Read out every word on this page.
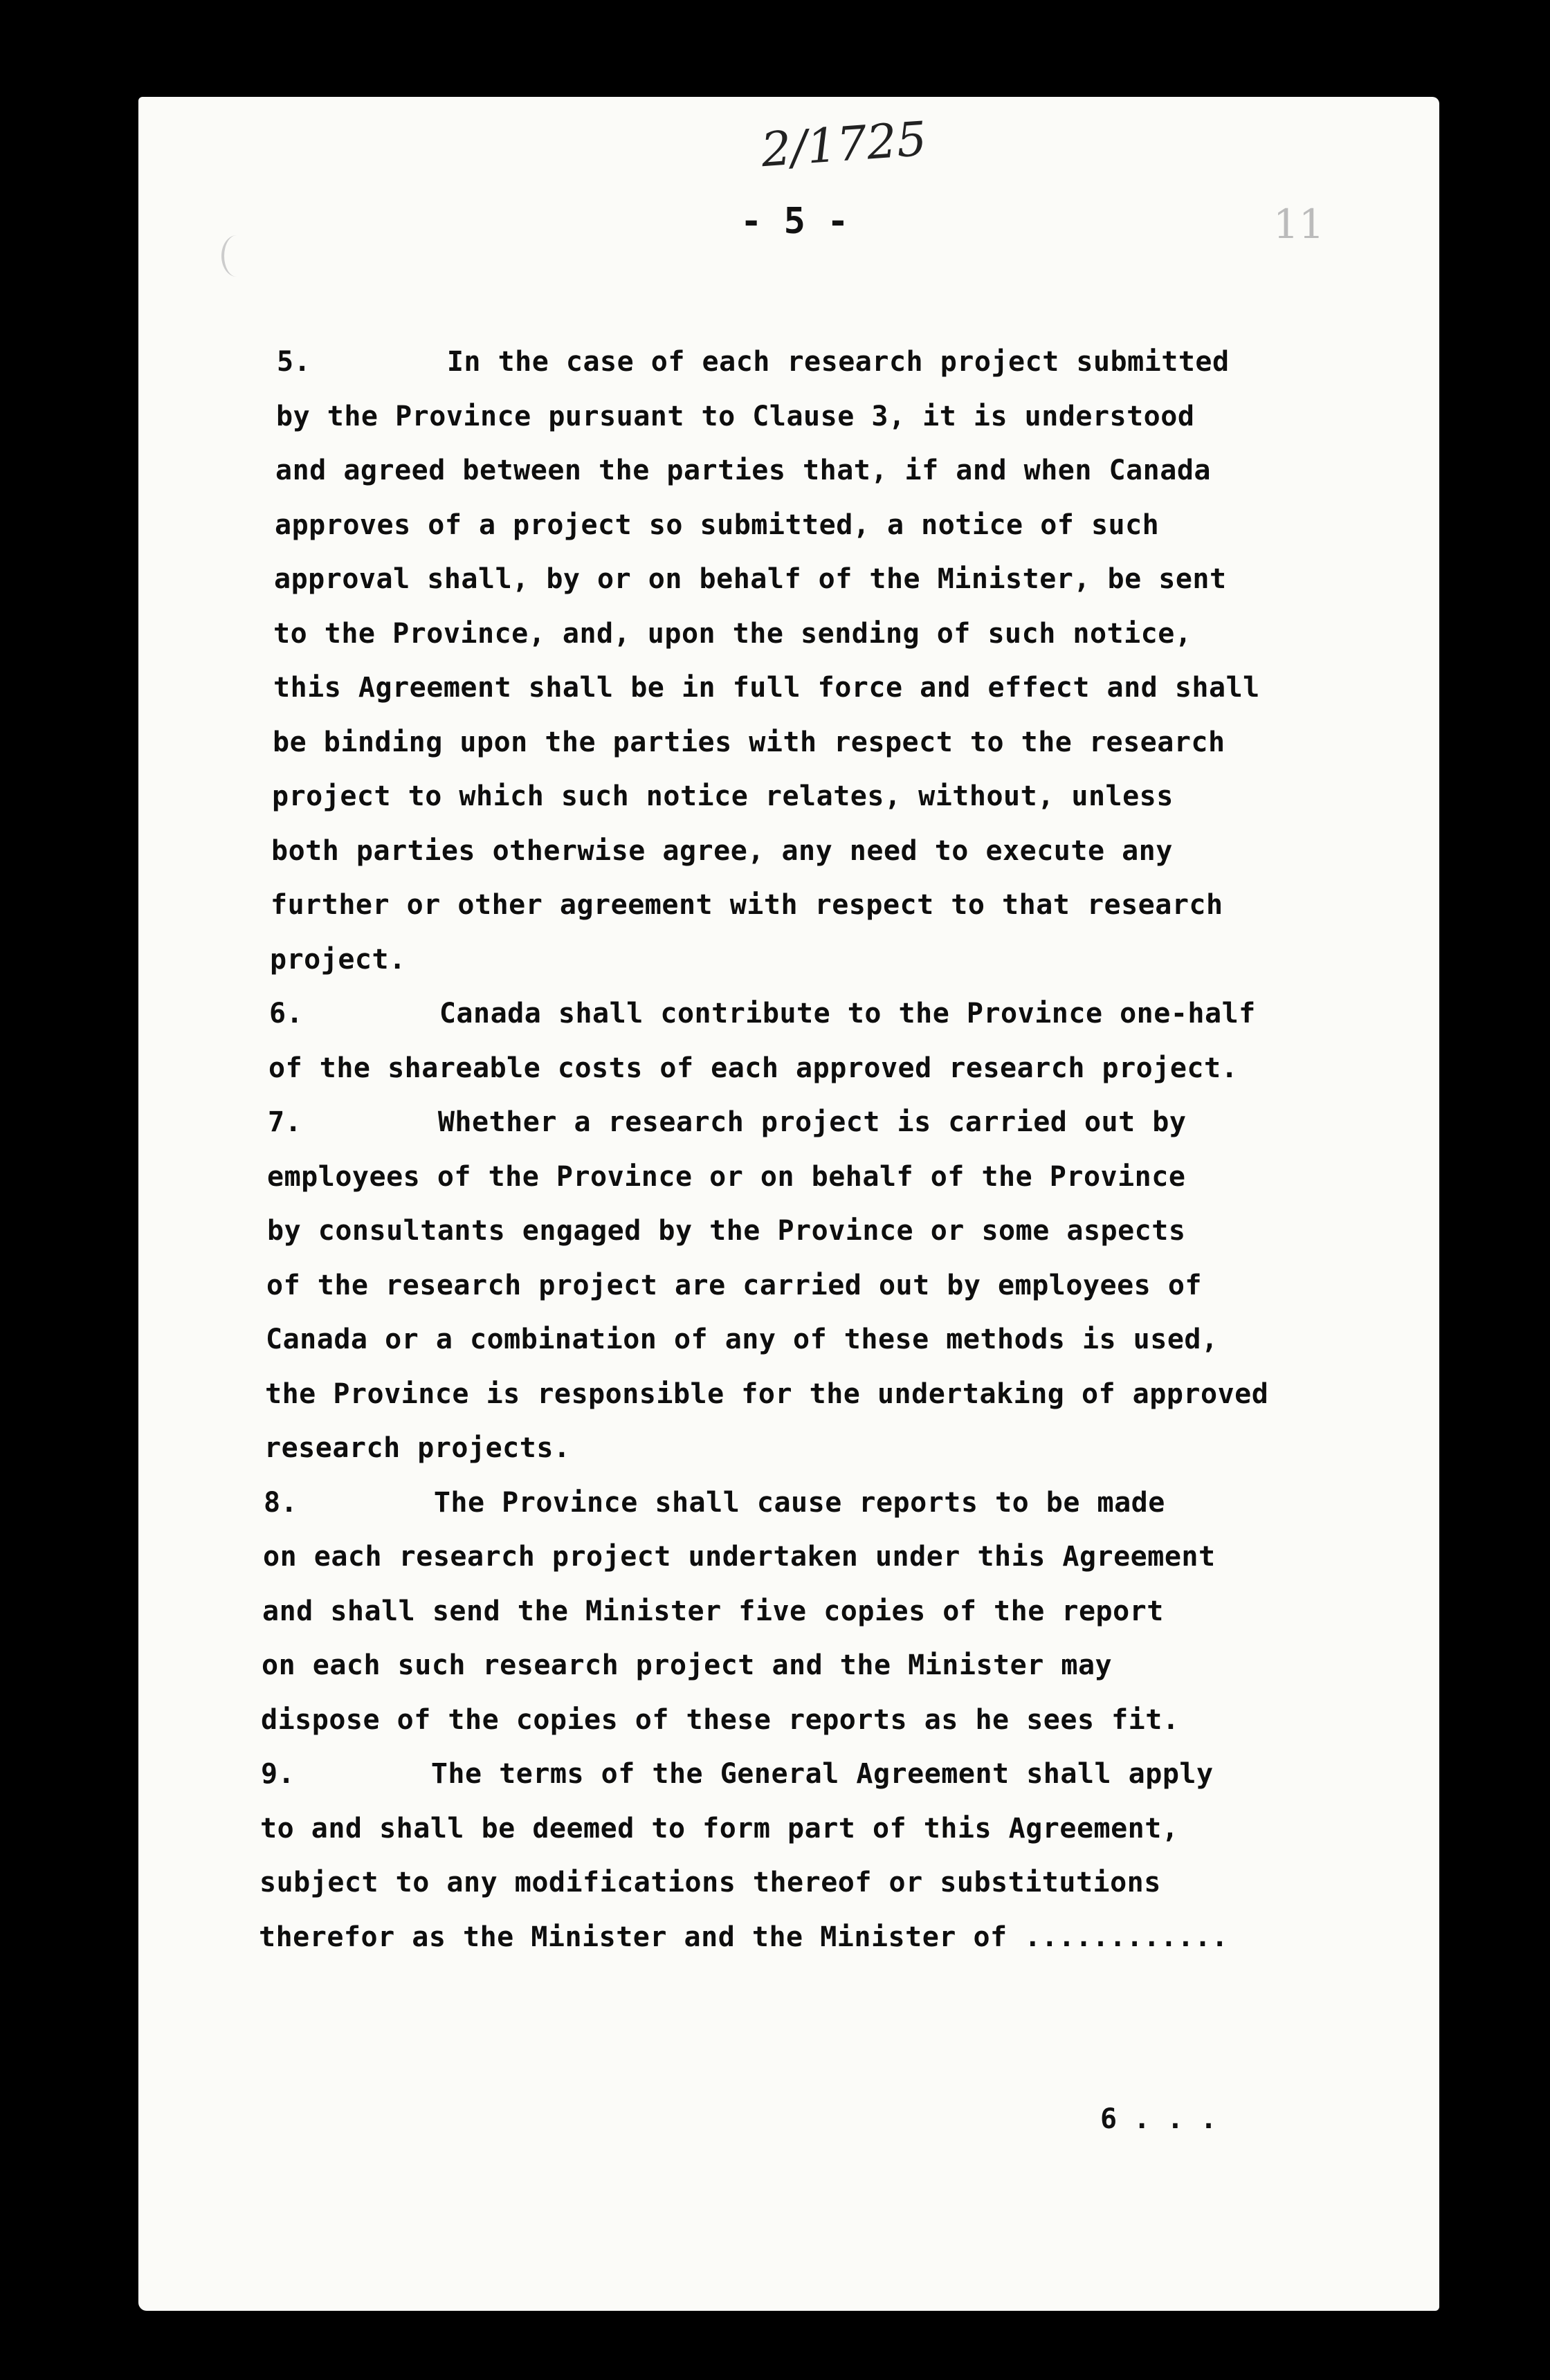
2/1725
- 5 -	11
5.        In the case of each research project submitted
by the Province pursuant to Clause 3, it is understood
and agreed between the parties that, if and when Canada
approves of a project so submitted, a notice of such
approval shall, by or on behalf of the Minister, be sent
to the Province, and, upon the sending of such notice,
this Agreement shall be in full force and effect and shall
be binding upon the parties with respect to the research
project to which such notice relates, without, unless
both parties otherwise agree, any need to execute any
further or other agreement with respect to that research
project.
6.        Canada shall contribute to the Province one-half
of the shareable costs of each approved research project.
7.        Whether a research project is carried out by
employees of the Province or on behalf of the Province
by consultants engaged by the Province or some aspects
of the research project are carried out by employees of
Canada or a combination of any of these methods is used,
the Province is responsible for the undertaking of approved
research projects.
8.        The Province shall cause reports to be made
on each research project undertaken under this Agreement
and shall send the Minister five copies of the report
on each such research project and the Minister may
dispose of the copies of these reports as he sees fit.
9.        The terms of the General Agreement shall apply
to and shall be deemed to form part of this Agreement,
subject to any modifications thereof or substitutions
therefor as the Minister and the Minister of ............
6 . . .
